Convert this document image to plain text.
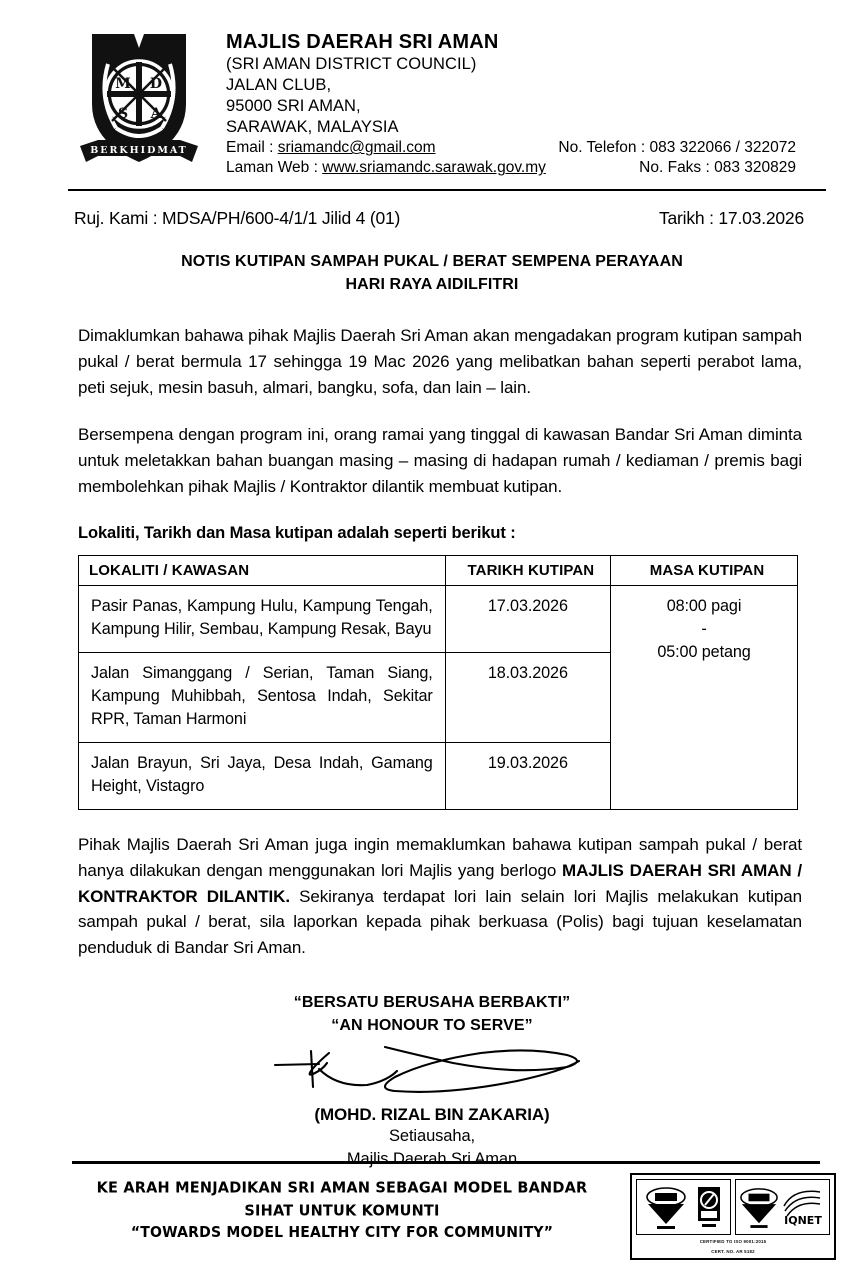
M D
S A
BERKHIDMAT
MAJLIS DAERAH SRI AMAN
(SRI AMAN DISTRICT COUNCIL)
JALAN CLUB,
95000 SRI AMAN,
SARAWAK, MALAYSIA
Email : sriamandc@gmail.com	No. Telefon : 083 322066 / 322072
Laman Web : www.sriamandc.sarawak.gov.my	No. Faks : 083 320829
Ruj. Kami : MDSA/PH/600-4/1/1 Jilid 4 (01)	Tarikh : 17.03.2026
NOTIS KUTIPAN SAMPAH PUKAL / BERAT SEMPENA PERAYAAN
HARI RAYA AIDILFITRI

Dimaklumkan bahawa pihak Majlis Daerah Sri Aman akan mengadakan program kutipan sampah pukal / berat bermula 17 sehingga 19 Mac 2026 yang melibatkan bahan seperti perabot lama, peti sejuk, mesin basuh, almari, bangku, sofa, dan lain – lain.

Bersempena dengan program ini, orang ramai yang tinggal di kawasan Bandar Sri Aman diminta untuk meletakkan bahan buangan masing – masing di hadapan rumah / kediaman / premis bagi membolehkan pihak Majlis / Kontraktor dilantik membuat kutipan.

Lokaliti, Tarikh dan Masa kutipan adalah seperti berikut :
LOKALITI / KAWASAN	TARIKH KUTIPAN	MASA KUTIPAN
Pasir Panas, Kampung Hulu, Kampung Tengah, Kampung Hilir, Sembau, Kampung Resak, Bayu	17.03.2026	08:00 pagi
-
05:00 petang

Jalan Simanggang / Serian, Taman Siang, Kampung Muhibbah, Sentosa Indah, Sekitar RPR, Taman Harmoni	18.03.2026	
Jalan Brayun, Sri Jaya, Desa Indah, Gamang Height, Vistagro	19.03.2026	

Pihak Majlis Daerah Sri Aman juga ingin memaklumkan bahawa kutipan sampah pukal / berat hanya dilakukan dengan menggunakan lori Majlis yang berlogo MAJLIS DAERAH SRI AMAN / KONTRAKTOR DILANTIK. Sekiranya terdapat lori lain selain lori Majlis melakukan kutipan sampah pukal / berat, sila laporkan kepada pihak berkuasa (Polis) bagi tujuan keselamatan penduduk di Bandar Sri Aman.

“BERSATU BERUSAHA BERBAKTI”
“AN HONOUR TO SERVE”
(MOHD. RIZAL BIN ZAKARIA)
Setiausaha,
Majlis Daerah Sri Aman
KE ARAH MENJADIKAN SRI AMAN SEBAGAI MODEL BANDAR SIHAT UNTUK KOMUNTI
“TOWARDS MODEL HEALTHY CITY FOR COMMUNITY”
IQNET
CERTIFIED TO ISO 9001:2015
CERT. NO. AR 5182
